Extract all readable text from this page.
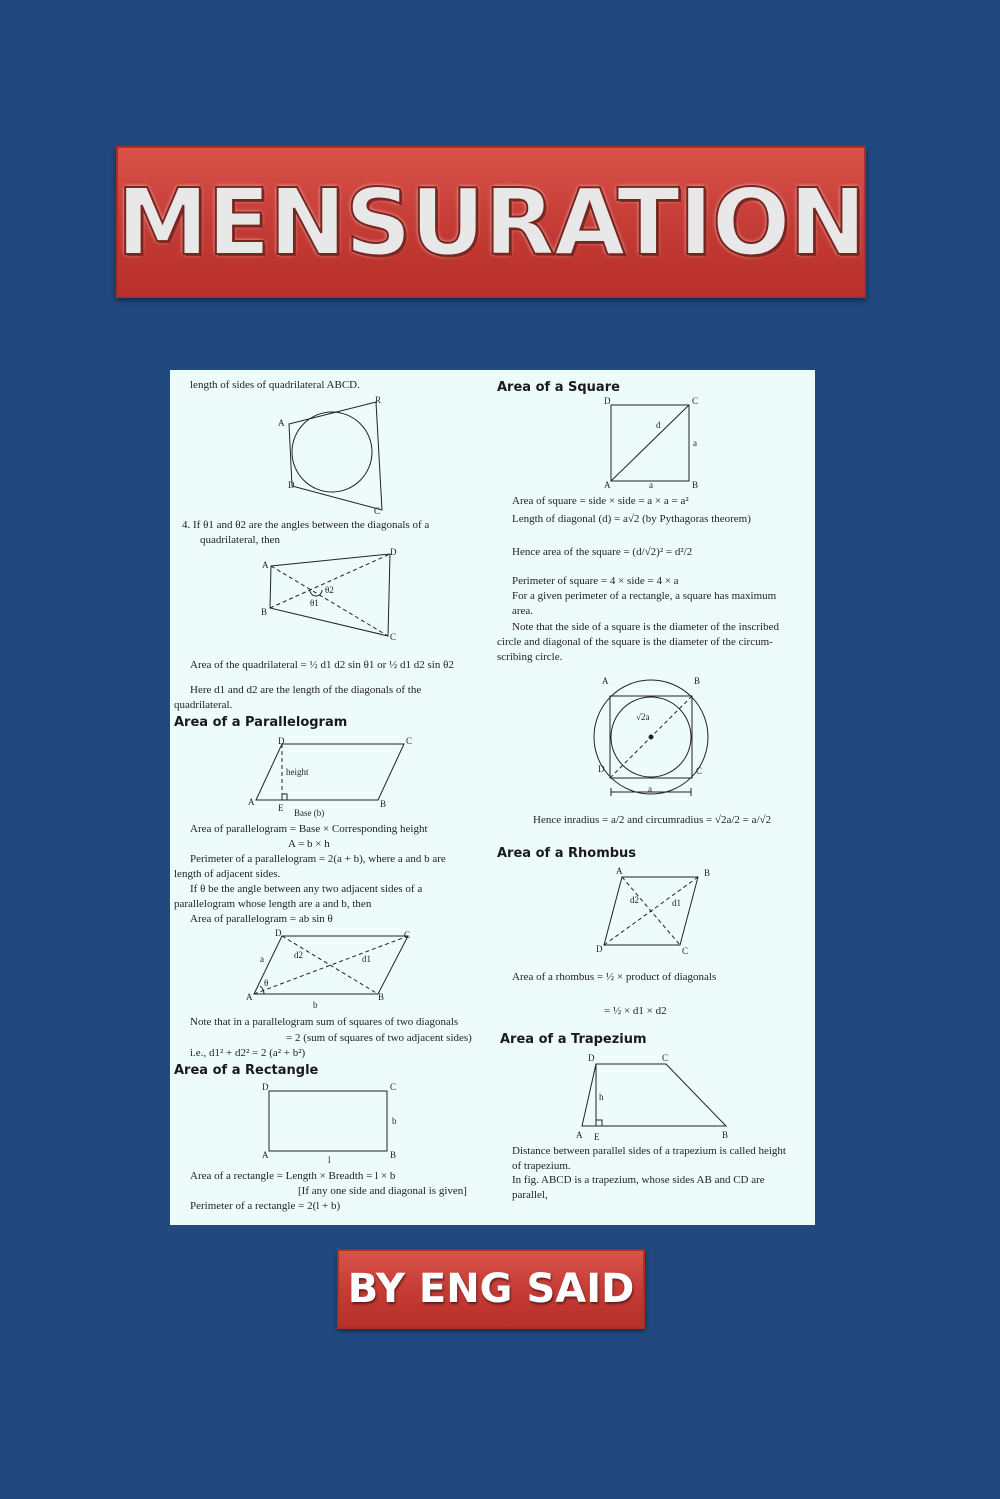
MENSURATION
length of sides of quadrilateral ABCD.
A
R
D
C
4. If θ1 and θ2 are the angles between the diagonals of a
quadrilateral, then
A
D
B
C
θ2
θ1
Area of the quadrilateral = ½ d1 d2 sin θ1 or ½ d1 d2 sin θ2
Here d1 and d2 are the length of the diagonals of the
quadrilateral.
Area of a Parallelogram
D	C
height
A
E Base (b)
B
Area of parallelogram = Base × Corresponding height
A = b × h
Perimeter of a parallelogram = 2(a + b), where a and b are
length of adjacent sides.
If θ be the angle between any two adjacent sides of a
parallelogram whose length are a and b, then
Area of parallelogram = ab sin θ
D	C
a	d2	d1
A
θ
b
B
Note that in a parallelogram sum of squares of two diagonals
= 2 (sum of squares of two adjacent sides)
i.e., d1² + d2² = 2 (a² + b²)
Area of a Rectangle
D	C
b
A	l	B
Area of a rectangle = Length × Breadth = l × b
[If any one side and diagonal is given]
Perimeter of a rectangle = 2(l + b)
Area of a Square
D	C
d
a
A	a	B
Area of square = side × side = a × a = a²
Length of diagonal (d) = a√2 (by Pythagoras theorem)
Hence area of the square = (d/√2)² = d²/2
Perimeter of square = 4 × side = 4 × a
For a given perimeter of a rectangle, a square has maximum
area.
Note that the side of a square is the diameter of the inscribed
circle and diagonal of the square is the diameter of the circum-
scribing circle.
A	B
√2a
D	C
a
Hence inradius = a/2 and circumradius = √2a/2 = a/√2
Area of a Rhombus
A	B
d2	d1
D	C
Area of a rhombus = ½ × product of diagonals
= ½ × d1 × d2
Area of a Trapezium
D	C
h
A E	B
Distance between parallel sides of a trapezium is called height
of trapezium.
In fig. ABCD is a trapezium, whose sides AB and CD are
parallel,
BY ENG SAID
